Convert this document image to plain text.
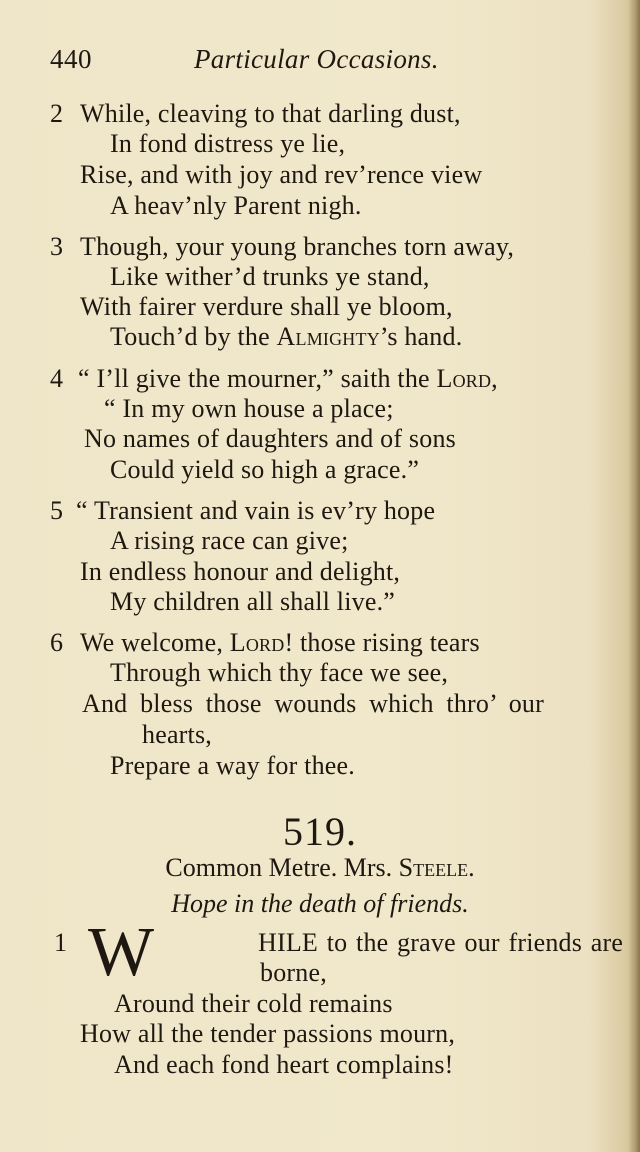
440	Particular Occasions.
2 While, cleaving to that darling dust,
In fond distress ye lie,
Rise, and with joy and rev’rence view
A heav’nly Parent nigh.
3 Though, your young branches torn away,
Like wither’d trunks ye stand,
With fairer verdure shall ye bloom,
Touch’d by the Almighty’s hand.
4 “ I’ll give the mourner,” saith the Lord,
“ In my own house a place;
No names of daughters and of sons
Could yield so high a grace.”
5 “ Transient and vain is ev’ry hope
A rising race can give;
In endless honour and delight,
My children all shall live.”
6 We welcome, Lord! those rising tears
Through which thy face we see,
And bless those wounds which thro’ our
hearts,
Prepare a way for thee.
519.
Common Metre. Mrs. Steele.
Hope in the death of friends.
1	HILE to the grave our friends are
borne,
Around their cold remains
How all the tender passions mourn,
And each fond heart complains!
W
